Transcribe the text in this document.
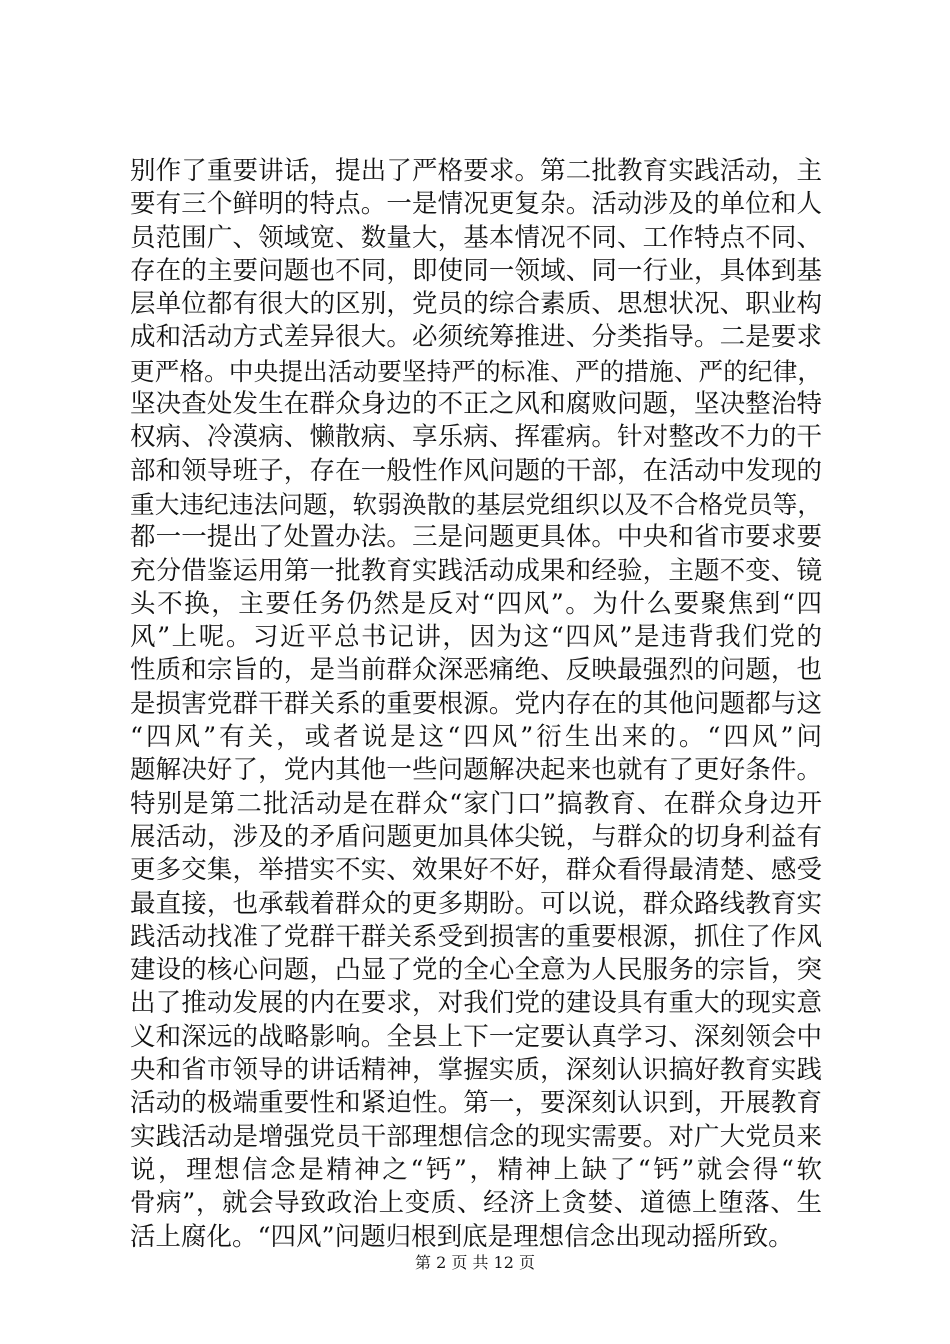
别作了重要讲话，提出了严格要求。第二批教育实践活动，主
要有三个鲜明的特点。一是情况更复杂。活动涉及的单位和人
员范围广、领域宽、数量大，基本情况不同、工作特点不同、
存在的主要问题也不同，即使同一领域、同一行业，具体到基
层单位都有很大的区别，党员的综合素质、思想状况、职业构
成和活动方式差异很大。必须统筹推进、分类指导。二是要求
更严格。中央提出活动要坚持严的标准、严的措施、严的纪律，
坚决查处发生在群众身边的不正之风和腐败问题，坚决整治特
权病、冷漠病、懒散病、享乐病、挥霍病。针对整改不力的干
部和领导班子，存在一般性作风问题的干部，在活动中发现的
重大违纪违法问题，软弱涣散的基层党组织以及不合格党员等，
都一一提出了处置办法。三是问题更具体。中央和省市要求要
充分借鉴运用第一批教育实践活动成果和经验，主题不变、镜
头不换，主要任务仍然是反对“四风”。为什么要聚焦到“四
风”上呢。习近平总书记讲，因为这“四风”是违背我们党的
性质和宗旨的，是当前群众深恶痛绝、反映最强烈的问题，也
是损害党群干群关系的重要根源。党内存在的其他问题都与这
“四风”有关，或者说是这“四风”衍生出来的。“四风”问
题解决好了，党内其他一些问题解决起来也就有了更好条件。
特别是第二批活动是在群众“家门口”搞教育、在群众身边开
展活动，涉及的矛盾问题更加具体尖锐，与群众的切身利益有
更多交集，举措实不实、效果好不好，群众看得最清楚、感受
最直接，也承载着群众的更多期盼。可以说，群众路线教育实
践活动找准了党群干群关系受到损害的重要根源，抓住了作风
建设的核心问题，凸显了党的全心全意为人民服务的宗旨，突
出了推动发展的内在要求，对我们党的建设具有重大的现实意
义和深远的战略影响。全县上下一定要认真学习、深刻领会中
央和省市领导的讲话精神，掌握实质，深刻认识搞好教育实践
活动的极端重要性和紧迫性。第一，要深刻认识到，开展教育
实践活动是增强党员干部理想信念的现实需要。对广大党员来
说，理想信念是精神之“钙”，精神上缺了“钙”就会得“软
骨病”，就会导致政治上变质、经济上贪婪、道德上堕落、生
活上腐化。“四风”问题归根到底是理想信念出现动摇所致。
第 2 页 共 12 页
